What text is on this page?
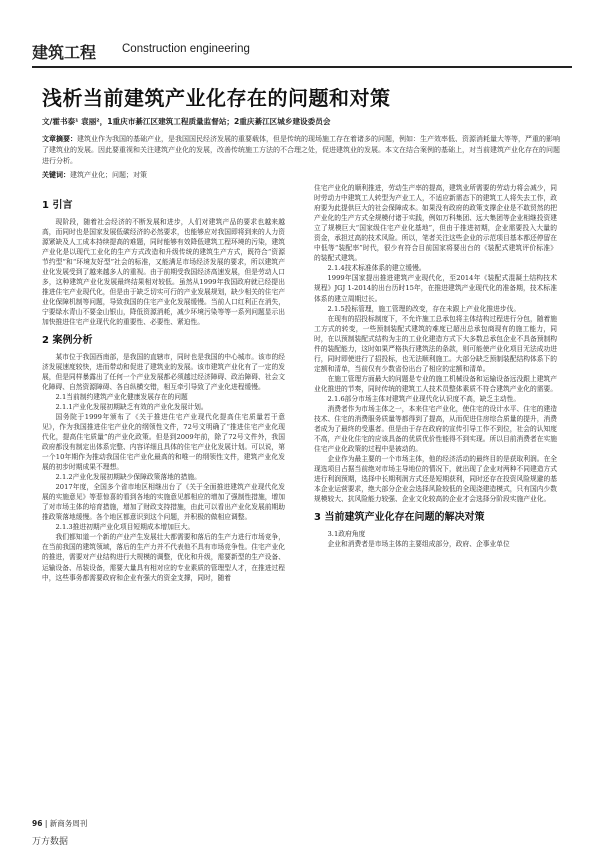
建筑工程 Construction engineering
浅析当前建筑产业化存在的问题和对策
文/霍书泰¹ 袁丽²，1重庆市綦江区建筑工程质量监督站；2重庆綦江区城乡建设委员会
文章摘要：建筑业作为我国的基础产业，是我国国民经济发展的重要载体，但是传统的现场施工存在着诸多的问题，例如：生产效率低、资源消耗量大等等，严重的影响了建筑业的发展。因此要重视和关注建筑产业化的发展，改善传统施工方法的不合理之处，促进建筑业的发展。本文在结合案例的基础上，对当前建筑产业化存在的问题进行分析。
关键词：建筑产业化；问题；对策
1 引言

现阶段，随着社会经济的不断发展和进步，人们对建筑产品的要求也越来越高，而同时也是国家发展低碳经济的必然要求，也能够应对我国即将到来的人力资源紧缺及人工成本持续提高的难题，同时能够有效降低建筑工程环境的污染，建筑产业化是以现代工业化的生产方式改造和升级传统的建筑生产方式，既符合“资源节约型”和“环境友好型”社会的标准，又能满足市场经济发展的要求，所以建筑产业化发展受到了越来越多人的重视。由于前期受我国经济高速发展，但是劳动人口多，这种建筑产业化发展最终结果相对较低。虽然从1999年我国政府就已经提出推进住宅产业现代化，但是由于缺乏切实可行的产业发展规划，缺少相关的住宅产业化保障机制等问题，导致我国的住宅产业化发展缓慢。当前人口红利正在消失，宁要绿水青山不要金山银山，降低资源消耗，减少环境污染等等一系列问题显示出加快推进住宅产业现代化的重要性、必要性、紧迫性。

2 案例分析

某市位于我国西南部，是我国的直辖市，同时也是我国的中心城市。该市的经济发展速度较快，进而带动和促进了建筑业的发展。该市建筑产业化有了一定的发展，但是同样暴露出了任何一个产业发展都必须越过经济障碍、政治障碍、社会文化障碍、自然资源障碍、各自纵横交错，相互牵引导致了产业化进程缓慢。

2.1当前制约建筑产业化健康发展存在的问题

2.1.1产业化发展初期缺乏有效的产业化发展计划。

国务院于1999年颁布了《关于推进住宅产业现代化提高住宅质量若干意见》，作为我国推进住宅产业化的纲领性文件，72号文明确了“推进住宅产业化现代化，提高住宅质量”的产业化政策。但是到2009年前，除了72号文件外，我国政府都没有制定出体系完整、内容详细且具体的住宅产业化发展计划。可以说，第一个10年期作为推动我国住宅产业化最高的和唯一的纲领性文件，建筑产业化发展的初步时期成果不理想。

2.1.2产业化发展初期缺少保障政策落地的措施。

2017年度，全国多个省市地区相继出台了《关于全面推进建筑产业现代化发展的实施意见》等惹惊喜的看到各地的实施意见都相应的增加了强制性措施，增加了对市场主体的培育措施，增加了财政支持措施，由此可以看出产业化发展前期助推政策落地缓慢。各个地区都意识到这个问题，并积极的做相应调整。

2.1.3推进初期产业化项目短期成本增加巨大。

我们都知道一个新的产业产生发展壮大都需要和落后的生产力进行市场竞争，在当前我国的建筑领域，落后的生产力并不代表他不具有市场竞争性。住宅产业化的推进，需要对产业结构进行大规模的调整，优化和升级，需要新型的生产设备、运输设备、吊装设备，需要大量具有相对应的专业素质的管理型人才，在推进过程中，这些事务都需要政府和企业有强大的资金支撑，同时，随着

住宅产业化的顺利推进，劳动生产率的提高，建筑业所需要的劳动力将会减少，同时劳动力中建筑工人转型为产业工人，不适应新需态下的建筑工人将失去工作，政府要为此提供巨大的社会保障成本。如果没有政府的政策支撑企业是不敢贸然的把产业化的生产方式全规模付诸于实践，例如万科集团、远大集团等企业相继投资建立了规模巨大“国家级住宅产业化基地”，但由于推进初期，企业需要投入大量的资金，承担过高的技术风险。所以，笔者关注这些企业的示范项目基本都还停留在中低等“装配率”时代，很少有符合目前国家将要出台的《装配式建筑评价标准》的装配式建筑。

2.1.4技术标准体系的建立缓慢。

1999年国家提出推进建筑产业现代化，至2014年《装配式混凝土结构技术规程》JGJ 1-2014的出台历时15年，在推进建筑产业现代化的准备期，技术标准体系的建立周期过长。

2.1.5投标管理，施工管理的改变，存在未跟上产业化推进步伐。

在现有的招投标制度下，不允许施工总承包将主体结构过程进行分包，随着施工方式的转变，一些预制装配式建筑的难度已超出总承包商现有的施工能力，同时，在以预制装配式结构为主的工业化建造方式下大多数总承包企业不具备预制构件的装配能力，这时如果严格执行建筑法的条款，则可能使产业化项目无法成功进行，同时即使进行了招投标，也无法顺利施工。大部分缺乏预制装配结构体系下的定额和清单，当前仅有少数省份出台了相应的定额和清单。

在施工管理方面最大的问题是专业的施工机械设备和运输设备远没跟上建筑产业化推进的节奏，同时传统的建筑工人技术员整体素质不符合建筑产业化的需要。

2.1.6部分市场主体对建筑产业现代化认识度不高，缺乏主动性。

消费者作为市场主体之一，本来住宅产业化，使住宅的设计水平、住宅的建造技术、住宅的消费服务质量等都得到了提高，从而促进住房综合质量的提升，消费者成为了最终的受惠者。但是由于存在政府的宣传引导工作不到位，社会的认知度不高，产业化住宅的应该具备的优质优价性能得不到实现。所以目前消费者在实施住宅产业化政策的过程中是被动的。

企业作为最主要的一个市场主体，他的经济活动的最终目的是获取利润。在全现选项目占据当前绝对市场主导地位的情况下，就出现了企业对两种不同建造方式进行利润预期，选择中长期利润方式还是短期获利，同时还存在投资风险规避的基本企业运营要求，绝大部分企业会选择风险较低的全现浇建造模式，只有国内少数规模较大、抗风险能力较强、企业文化较高的企业才会选择分阶段实施产业化。

3 当前建筑产业化存在问题的解决对策

3.1政府角度

企业和消费者是市场主体的主要组成部分，政府、企事业单位

96 | 新商务周刊
万方数据
